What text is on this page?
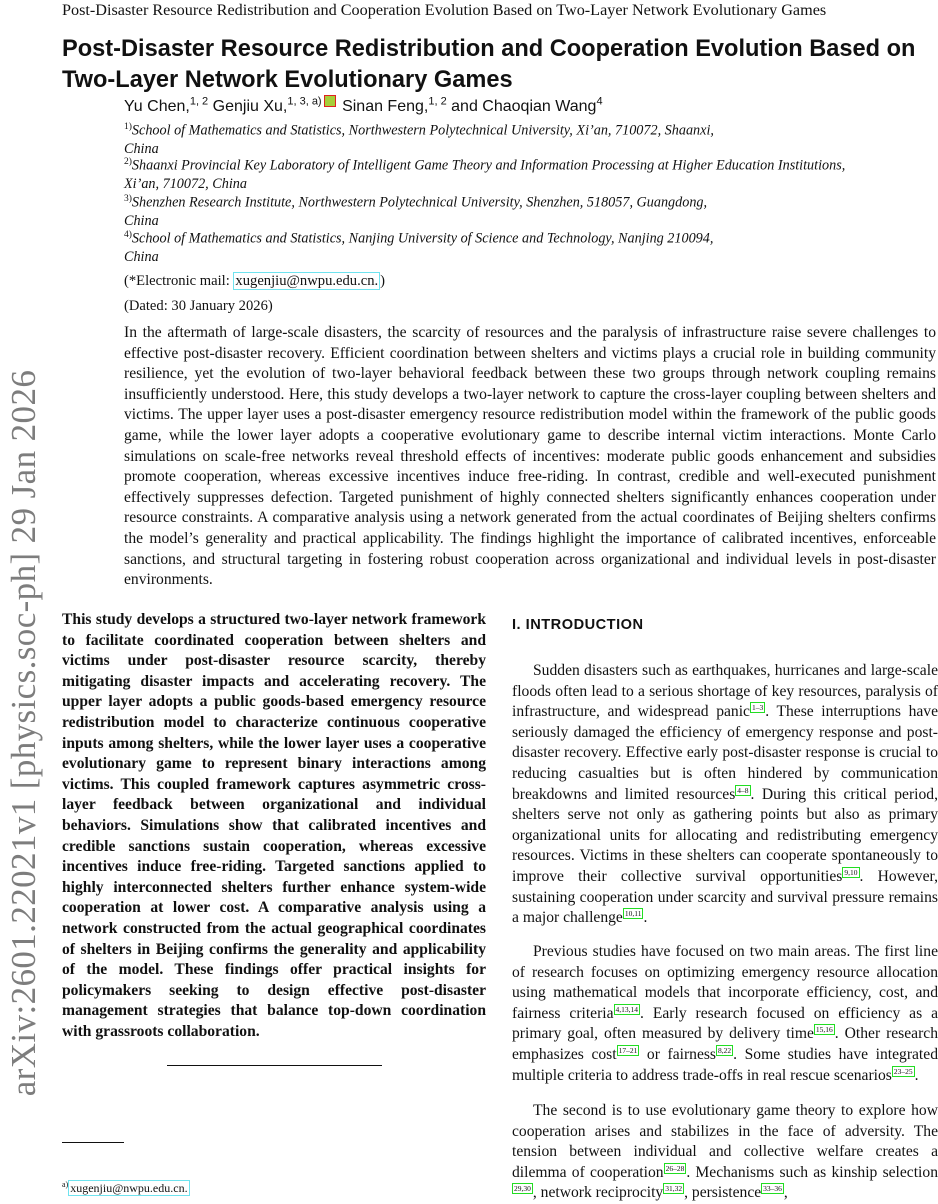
Post-Disaster Resource Redistribution and Cooperation Evolution Based on Two-Layer Network Evolutionary Games
arXiv:2601.22021v1 [physics.soc-ph] 29 Jan 2026
Post-Disaster Resource Redistribution and Cooperation Evolution Based on
Two-Layer Network Evolutionary Games
Yu Chen,$^{1, 2}$ Genjiu Xu,$^{1, 3, a)}$ Sinan Feng,$^{1, 2}$ and Chaoqian Wang$^4$
$^{1)}$School of Mathematics and Statistics, Northwestern Polytechnical University, Xi’an, 710072, Shaanxi,
China
$^{2)}$Shaanxi Provincial Key Laboratory of Intelligent Game Theory and Information Processing at Higher Education Institutions,
Xi’an, 710072, China
$^{3)}$Shenzhen Research Institute, Northwestern Polytechnical University, Shenzhen, 518057, Guangdong,
China
$^{4)}$School of Mathematics and Statistics, Nanjing University of Science and Technology, Nanjing 210094,
China
(*Electronic mail: xugenjiu@nwpu.edu.cn. )
(Dated: 30 January 2026)

In the aftermath of large-scale disasters, the scarcity of resources and the paralysis of infrastructure raise severe challenges to effective post-disaster recovery. Efficient coordination between shelters and victims plays a crucial role in building community resilience, yet the evolution of two-layer behavioral feedback between these two groups through network coupling remains insufficiently understood. Here, this study develops a two-layer network to capture the cross-layer coupling between shelters and victims. The upper layer uses a post-disaster emergency resource redistribution model within the framework of the public goods game, while the lower layer adopts a cooperative evolutionary game to describe internal victim interactions. Monte Carlo simulations on scale-free networks reveal threshold effects of incentives: moderate public goods enhancement and subsidies promote cooperation, whereas excessive incentives induce free-riding. In contrast, credible and well-executed punishment effectively suppresses defection. Targeted punishment of highly connected shelters significantly enhances cooperation under resource constraints. A comparative analysis using a network generated from the actual coordinates of Beijing shelters confirms the model’s generality and practical applicability. The findings highlight the importance of calibrated incentives, enforceable sanctions, and structural targeting in fostering robust cooperation across organizational and individual levels in post-disaster environments.

This study develops a structured two-layer network framework to facilitate coordinated cooperation between shelters and victims under post-disaster resource scarcity, thereby mitigating disaster impacts and accelerating recovery. The upper layer adopts a public goods-based emergency resource redistribution model to characterize continuous cooperative inputs among shelters, while the lower layer uses a cooperative evolutionary game to represent binary interactions among victims. This coupled framework captures asymmetric cross-layer feedback between organizational and individual behaviors. Simulations show that calibrated incentives and credible sanctions sustain cooperation, whereas excessive incentives induce free-riding. Targeted sanctions applied to highly interconnected shelters further enhance system-wide cooperation at lower cost. A comparative analysis using a network constructed from the actual geographical coordinates of shelters in Beijing confirms the generality and applicability of the model. These findings offer practical insights for policymakers seeking to design effective post-disaster management strategies that balance top-down coordination with grassroots collaboration.

$^{a)}$ xugenjiu@nwpu.edu.cn.
I. INTRODUCTION

Sudden disasters such as earthquakes, hurricanes and large-scale floods often lead to a serious shortage of key resources, paralysis of infrastructure, and widespread panic 1–3 . These interruptions have seriously damaged the efficiency of emergency response and post-disaster recovery. Effective early post-disaster response is crucial to reducing casualties but is often hindered by communication breakdowns and limited resources 4–8 . During this critical period, shelters serve not only as gathering points but also as primary organizational units for allocating and redistributing emergency resources. Victims in these shelters can cooperate spontaneously to improve their collective survival opportunities 9,10 . However, sustaining cooperation under scarcity and survival pressure remains a major challenge 10,11 .

Previous studies have focused on two main areas. The first line of research focuses on optimizing emergency resource allocation using mathematical models that incorporate efficiency, cost, and fairness criteria 4,13,14 . Early research focused on efficiency as a primary goal, often measured by delivery time 15,16 . Other research emphasizes cost 17–21 or fairness 8,22 . Some studies have integrated multiple criteria to address trade-offs in real rescue scenarios 23–25 .

The second is to use evolutionary game theory to explore how cooperation arises and stabilizes in the face of adversity. The tension between individual and collective welfare creates a dilemma of cooperation 26–28 . Mechanisms such as kinship selection29,30 , network reciprocity 31,32 , persistence 33–36 ,
